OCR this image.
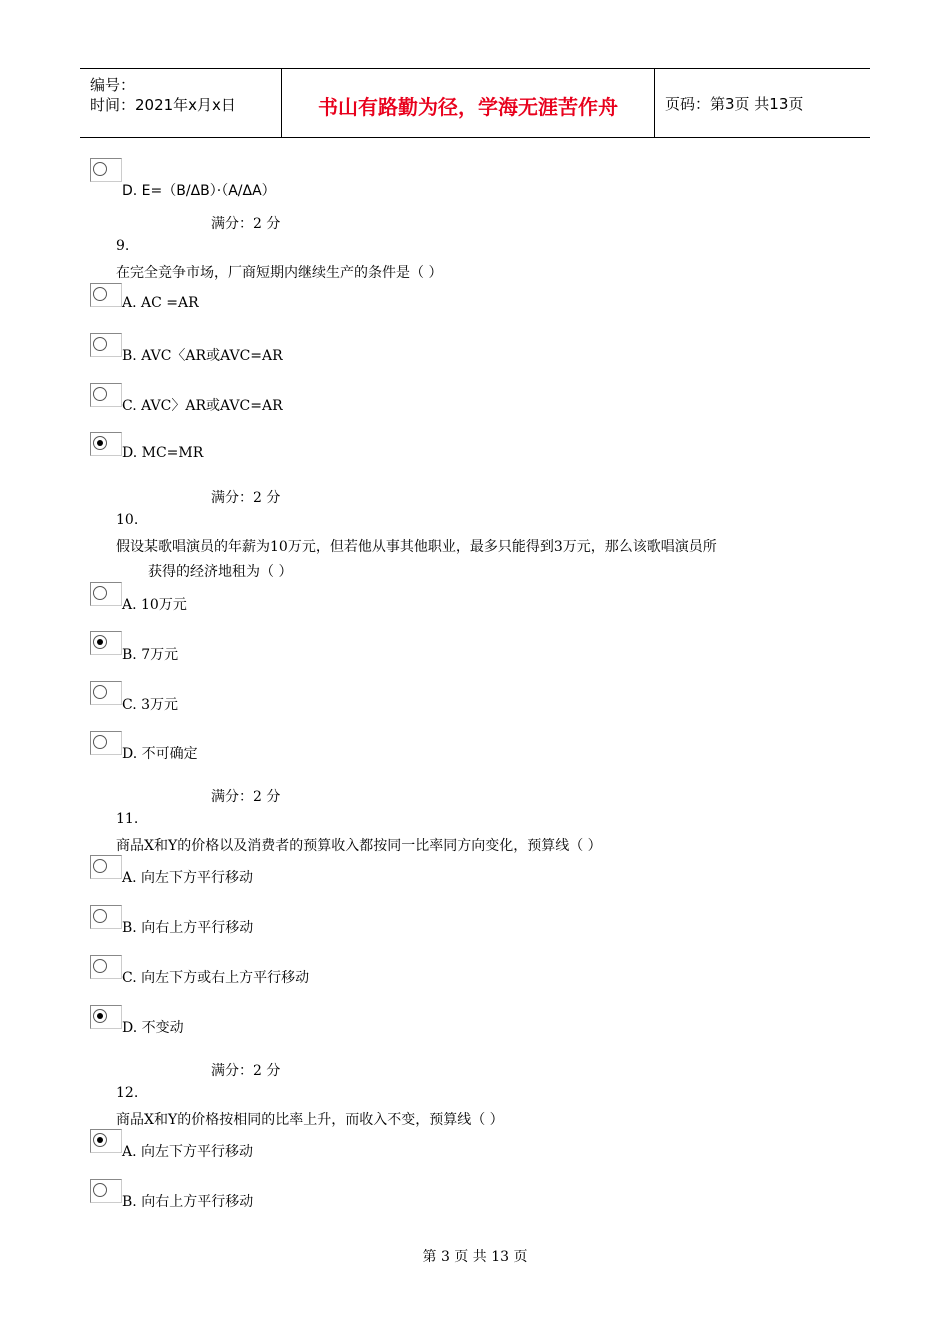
编号：
时间：2021年x月x日	书山有路勤为径，学海无涯苦作舟	页码：第3页 共13页
D. E=（B/ΔB）·（A/ΔA）
满分：2 分
9.
在完全竞争市场，厂商短期内继续生产的条件是（ ）
A. AC =AR
B. AVC〈AR或AVC=AR
C. AVC〉AR或AVC=AR
D. MC=MR
满分：2 分
10.
假设某歌唱演员的年薪为10万元，但若他从事其他职业，最多只能得到3万元，那么该歌唱演员所
获得的经济地租为（ ）
A. 10万元
B. 7万元
C. 3万元
D. 不可确定
满分：2 分
11.
商品X和Y的价格以及消费者的预算收入都按同一比率同方向变化，预算线（ ）
A. 向左下方平行移动
B. 向右上方平行移动
C. 向左下方或右上方平行移动
D. 不变动
满分：2 分
12.
商品X和Y的价格按相同的比率上升，而收入不变，预算线（ ）
A. 向左下方平行移动
B. 向右上方平行移动
第 3 页 共 13 页
